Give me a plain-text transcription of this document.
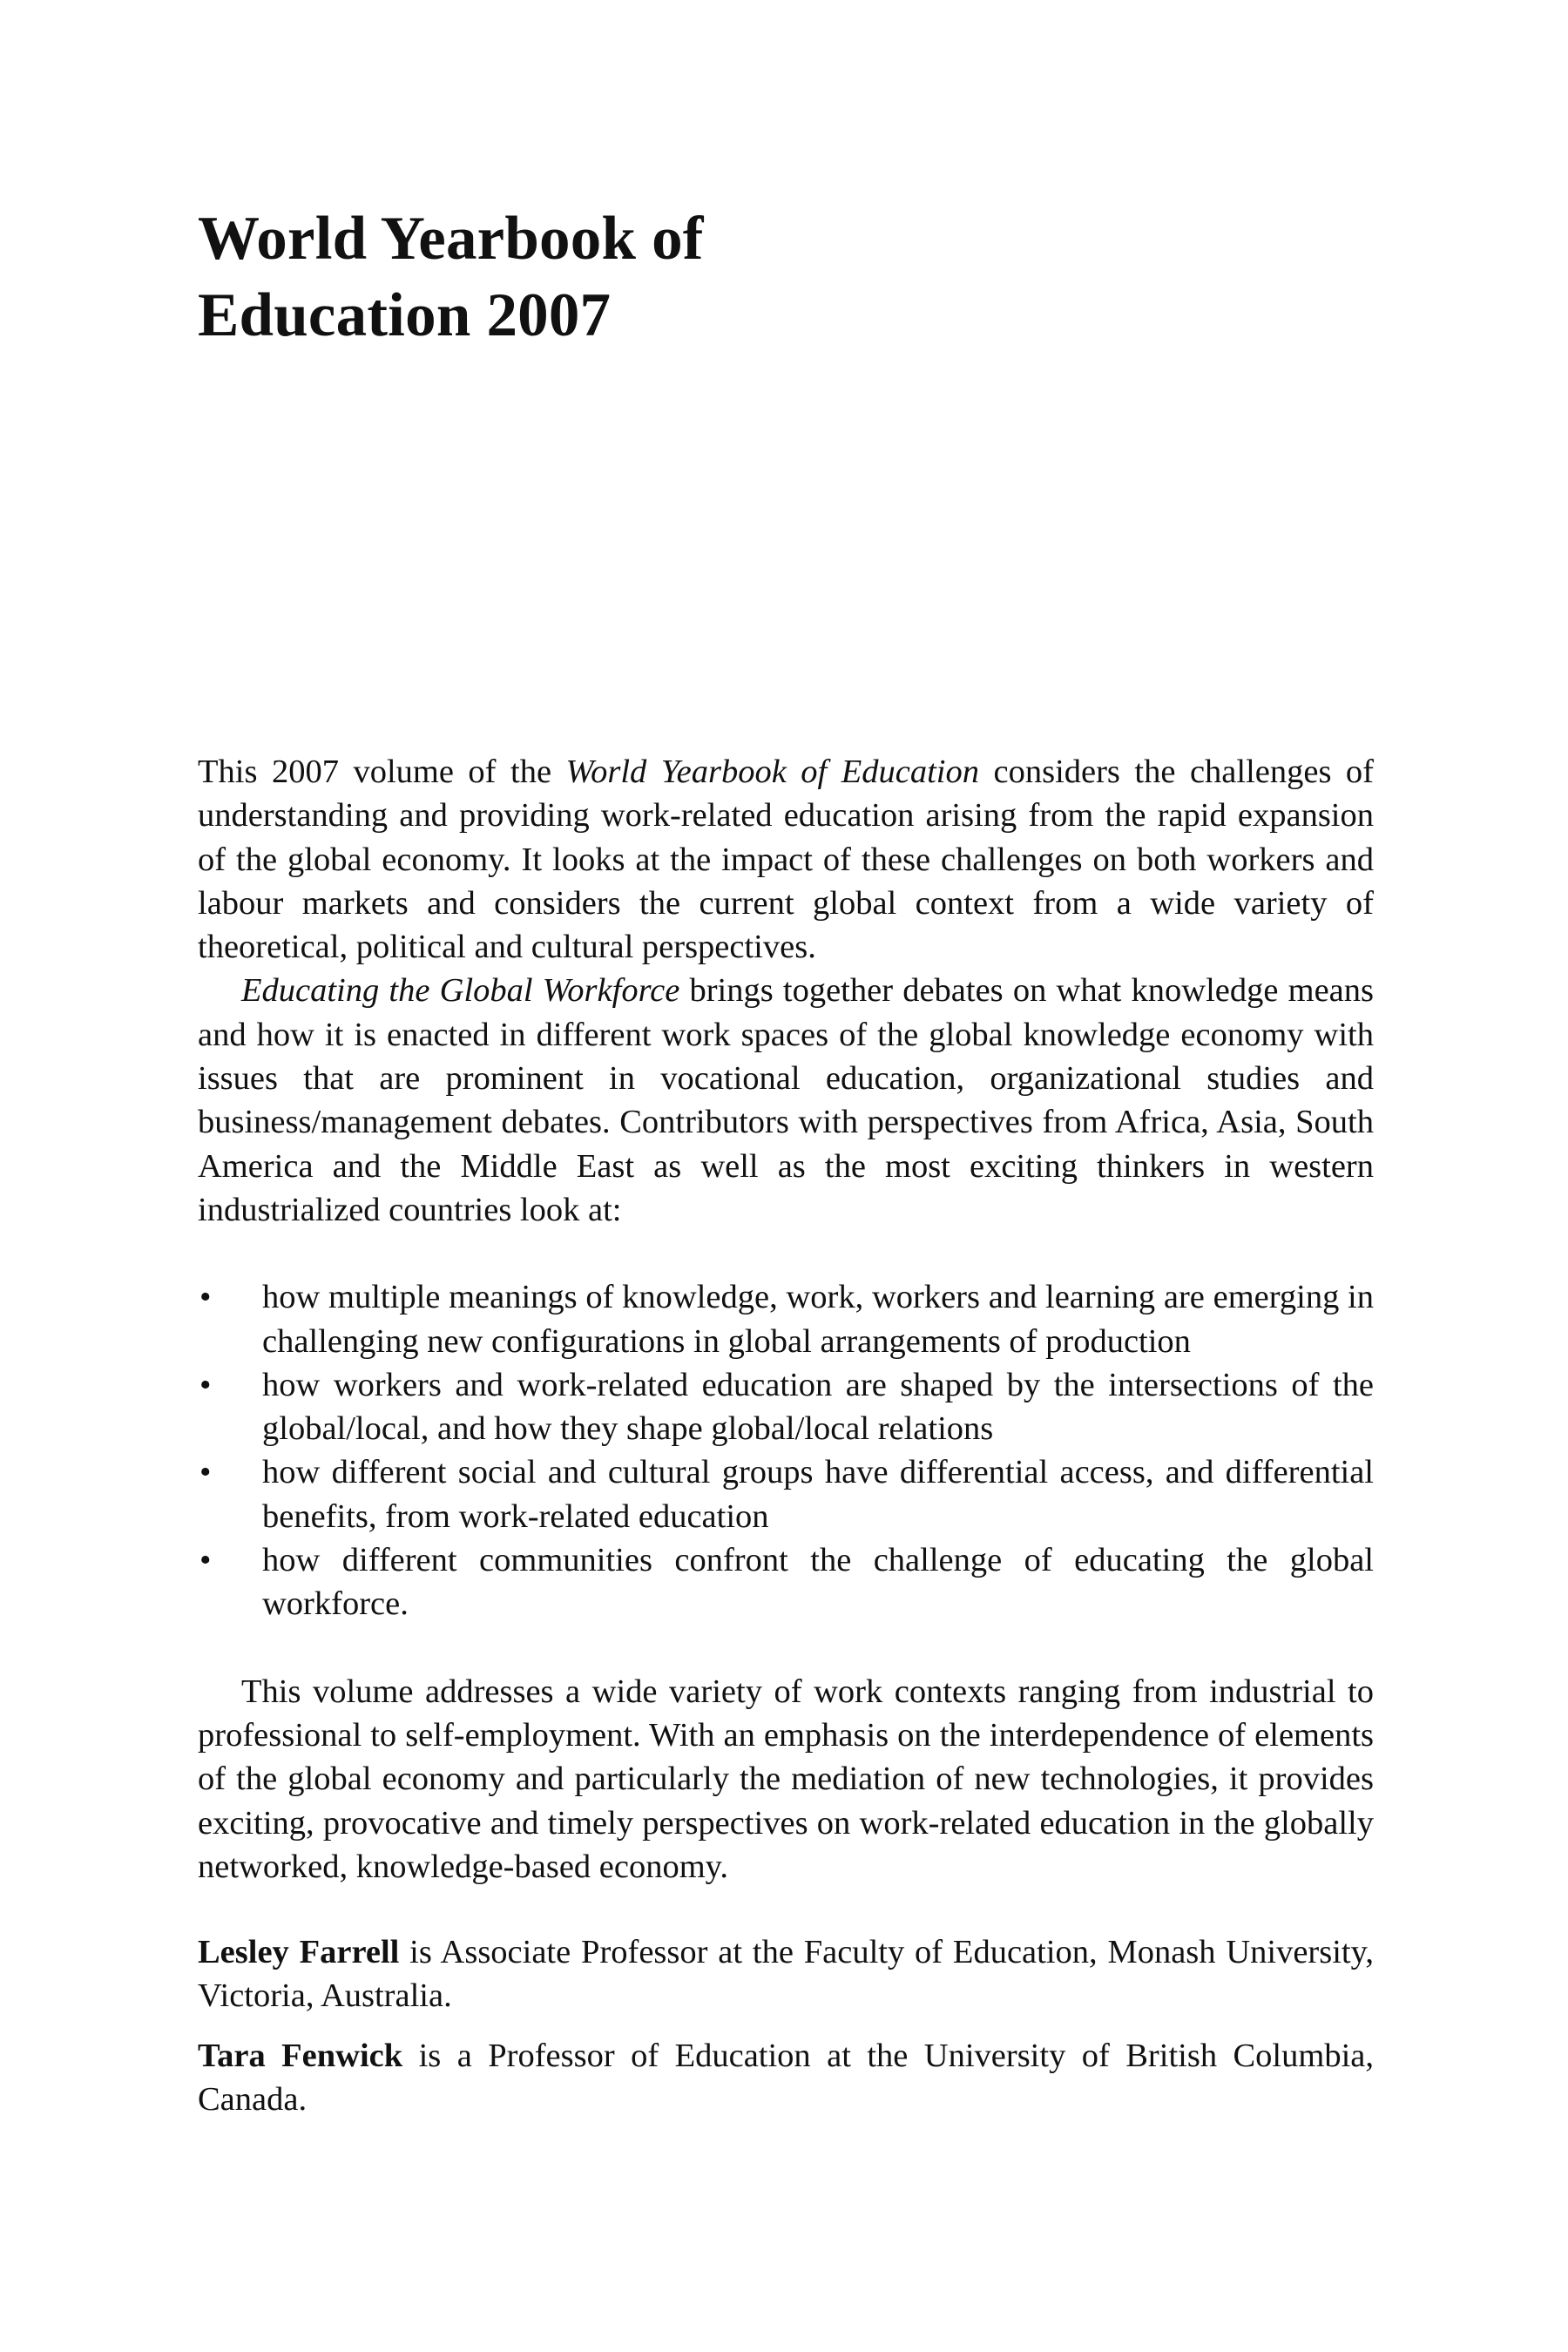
World Yearbook of
Education 2007

This 2007 volume of the World Yearbook of Education considers the challenges of understanding and providing work-related education arising from the rapid expansion of the global economy. It looks at the impact of these challenges on both workers and labour markets and considers the current global context from a wide variety of theoretical, political and cultural perspectives.

Educating the Global Workforce brings together debates on what knowledge means and how it is enacted in different work spaces of the global knowledge economy with issues that are prominent in vocational education, organizational studies and business/management debates. Contributors with perspectives from Africa, Asia, South America and the Middle East as well as the most exciting thinkers in western industrialized countries look at:

• how multiple meanings of knowledge, work, workers and learning are emerging in challenging new configurations in global arrangements of production
• how workers and work-related education are shaped by the intersections of the global/local, and how they shape global/local relations
• how different social and cultural groups have differential access, and differential benefits, from work-related education
• how different communities confront the challenge of educating the global workforce.

This volume addresses a wide variety of work contexts ranging from industrial to professional to self-employment. With an emphasis on the interdependence of elements of the global economy and particularly the mediation of new technologies, it provides exciting, provocative and timely perspectives on work-related education in the globally networked, knowledge-based economy.

Lesley Farrell is Associate Professor at the Faculty of Education, Monash University, Victoria, Australia.

Tara Fenwick is a Professor of Education at the University of British Columbia, Canada.
